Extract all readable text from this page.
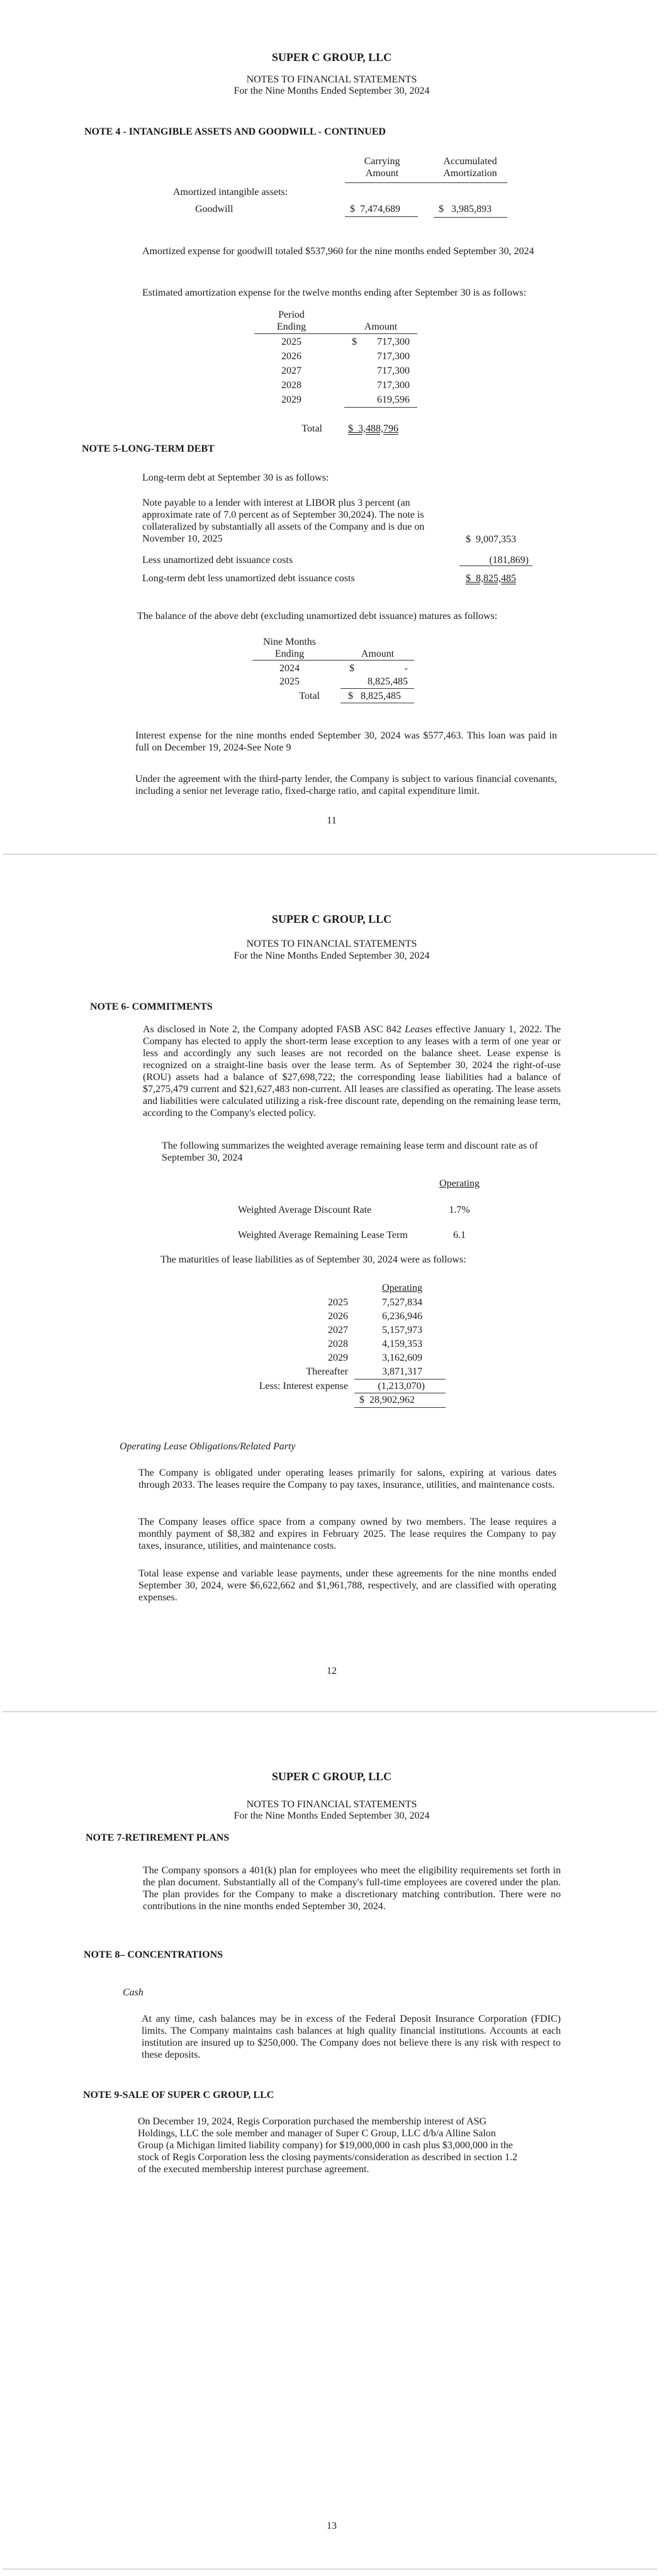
SUPER C GROUP, LLC
NOTES TO FINANCIAL STATEMENTS
For the Nine Months Ended September 30, 2024
NOTE 4 - INTANGIBLE ASSETS AND GOODWILL - CONTINUED
Carrying
Amount
Accumulated
Amortization
Amortized intangible assets:
Goodwill	$  7,474,689	$   3,985,893
Amortized expense for goodwill totaled $537,960 for the nine months ended September 30, 2024
Estimated amortization expense for the twelve months ending after September 30 is as follows:
Period
Ending	Amount
$
2025	717,300
2026	717,300
2027	717,300
2028	717,300
2029	619,596
Total	$  3,488,796
NOTE 5-LONG-TERM DEBT
Long-term debt at September 30 is as follows:
Note payable to a lender with interest at LIBOR plus 3 percent (an approximate rate of 7.0 percent as of September 30,2024). The note is collateralized by substantially all assets of the Company and is due on November 10, 2025	$  9,007,353
Less unamortized debt issuance costs	(181,869)
Long-term debt less unamortized debt issuance costs	$  8,825,485
The balance of the above debt (excluding unamortized debt issuance) matures as follows:
Nine Months
Ending	Amount
2024	$	-
2025	8,825,485
Total	$   8,825,485
Interest expense for the nine months ended September 30, 2024 was $577,463. This loan was paid in full on December 19, 2024-See Note 9
Under the agreement with the third-party lender, the Company is subject to various financial covenants, including a senior net leverage ratio, fixed-charge ratio, and capital expenditure limit.
11
SUPER C GROUP, LLC
NOTES TO FINANCIAL STATEMENTS
For the Nine Months Ended September 30, 2024
NOTE 6- COMMITMENTS
As disclosed in Note 2, the Company adopted FASB ASC 842 Leases effective January 1, 2022. The Company has elected to apply the short-term lease exception to any leases with a term of one year or less and accordingly any such leases are not recorded on the balance sheet. Lease expense is recognized on a straight-line basis over the lease term. As of September 30, 2024 the right-of-use (ROU) assets had a balance of $27,698,722; the corresponding lease liabilities had a balance of $7,275,479 current and $21,627,483 non-current. All leases are classified as operating. The lease assets and liabilities were calculated utilizing a risk-free discount rate, depending on the remaining lease term, according to the Company's elected policy.
The following summarizes the weighted average remaining lease term and discount rate as of September 30, 2024
Operating
Weighted Average Discount Rate	1.7%
Weighted Average Remaining Lease Term	6.1
The maturities of lease liabilities as of September 30, 2024 were as follows:
Operating
2025	7,527,834
2026	6,236,946
2027	5,157,973
2028	4,159,353
2029	3,162,609
Thereafter	3,871,317
Less: Interest expense	(1,213,070)
$  28,902,962
Operating Lease Obligations/Related Party
The Company is obligated under operating leases primarily for salons, expiring at various dates through 2033. The leases require the Company to pay taxes, insurance, utilities, and maintenance costs.
The Company leases office space from a company owned by two members. The lease requires a monthly payment of $8,382 and expires in February 2025. The lease requires the Company to pay taxes, insurance, utilities, and maintenance costs.
Total lease expense and variable lease payments, under these agreements for the nine months ended September 30, 2024, were $6,622,662 and $1,961,788, respectively, and are classified with operating expenses.
12
SUPER C GROUP, LLC
NOTES TO FINANCIAL STATEMENTS
For the Nine Months Ended September 30, 2024
NOTE 7-RETIREMENT PLANS
The Company sponsors a 401(k) plan for employees who meet the eligibility requirements set forth in the plan document. Substantially all of the Company's full-time employees are covered under the plan. The plan provides for the Company to make a discretionary matching contribution. There were no contributions in the nine months ended September 30, 2024.
NOTE 8– CONCENTRATIONS
Cash
At any time, cash balances may be in excess of the Federal Deposit Insurance Corporation (FDIC) limits. The Company maintains cash balances at high quality financial institutions. Accounts at each institution are insured up to $250,000. The Company does not believe there is any risk with respect to these deposits.
NOTE 9-SALE OF SUPER C GROUP, LLC
On December 19, 2024, Regis Corporation purchased the membership interest of ASG Holdings, LLC the sole member and manager of Super C Group, LLC d/b/a Alline Salon Group (a Michigan limited liability company) for $19,000,000 in cash plus $3,000,000 in the stock of Regis Corporation less the closing payments/consideration as described in section 1.2 of the executed membership interest purchase agreement.
13
